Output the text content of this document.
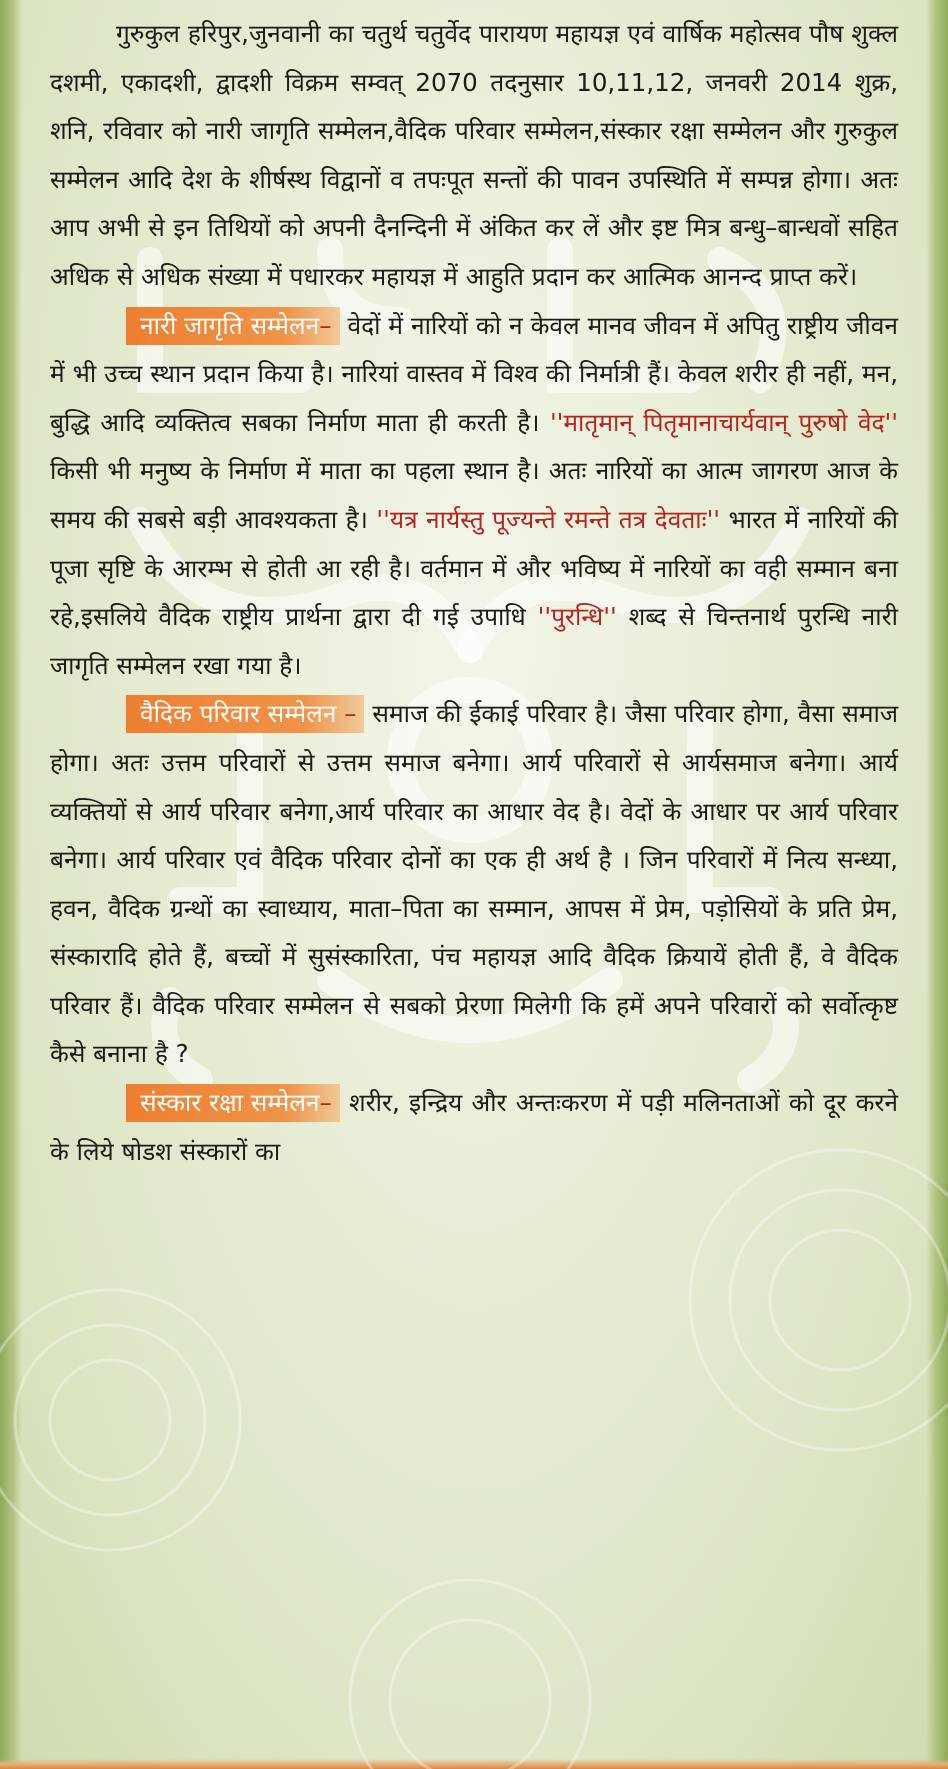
गुरुकुल हरिपुर,जुनवानी का चतुर्थ चतुर्वेद पारायण महायज्ञ एवं वार्षिक महोत्सव पौष शुक्ल दशमी, एकादशी, द्वादशी विक्रम सम्वत् 2070 तदनुसार 10,11,12, जनवरी 2014 शुक्र, शनि, रविवार को नारी जागृति सम्मेलन,वैदिक परिवार सम्मेलन,संस्कार रक्षा सम्मेलन और गुरुकुल सम्मेलन आदि देश के शीर्षस्थ विद्वानों व तपःपूत सन्तों की पावन उपस्थिति में सम्पन्न होगा। अतः आप अभी से इन तिथियों को अपनी दैनन्दिनी में अंकित कर लें और इष्ट मित्र बन्धु–बान्धवों सहित अधिक से अधिक संख्या में पधारकर महायज्ञ में आहुति प्रदान कर आत्मिक आनन्द प्राप्त करें।

नारी जागृति सम्मेलन– वेदों में नारियों को न केवल मानव जीवन में अपितु राष्ट्रीय जीवन में भी उच्च स्थान प्रदान किया है। नारियां वास्तव में विश्व की निर्मात्री हैं। केवल शरीर ही नहीं, मन, बुद्धि आदि व्यक्तित्व सबका निर्माण माता ही करती है। ''मातृमान् पितृमानाचार्यवान् पुरुषो वेद'' किसी भी मनुष्य के निर्माण में माता का पहला स्थान है। अतः नारियों का आत्म जागरण आज के समय की सबसे बड़ी आवश्यकता है। ''यत्र नार्यस्तु पूज्यन्ते रमन्ते तत्र देवताः'' भारत में नारियों की पूजा सृष्टि के आरम्भ से होती आ रही है। वर्तमान में और भविष्य में नारियों का वही सम्मान बना रहे,इसलिये वैदिक राष्ट्रीय प्रार्थना द्वारा दी गई उपाधि ''पुरन्धि'' शब्द से चिन्तनार्थ पुरन्धि नारी जागृति सम्मेलन रखा गया है।

वैदिक परिवार सम्मेलन – समाज की ईकाई परिवार है। जैसा परिवार होगा, वैसा समाज होगा। अतः उत्तम परिवारों से उत्तम समाज बनेगा। आर्य परिवारों से आर्यसमाज बनेगा। आर्य व्यक्तियों से आर्य परिवार बनेगा,आर्य परिवार का आधार वेद है। वेदों के आधार पर आर्य परिवार बनेगा। आर्य परिवार एवं वैदिक परिवार दोनों का एक ही अर्थ है । जिन परिवारों में नित्य सन्ध्या, हवन, वैदिक ग्रन्थों का स्वाध्याय, माता–पिता का सम्मान, आपस में प्रेम, पड़ोसियों के प्रति प्रेम, संस्कारादि होते हैं, बच्चों में सुसंस्कारिता, पंच महायज्ञ आदि वैदिक क्रियायें होती हैं, वे वैदिक परिवार हैं। वैदिक परिवार सम्मेलन से सबको प्रेरणा मिलेगी कि हमें अपने परिवारों को सर्वोत्कृष्ट कैसे बनाना है ?

संस्कार रक्षा सम्मेलन– शरीर, इन्द्रिय और अन्तःकरण में पड़ी मलिनताओं को दूर करने के लिये षोडश संस्कारों का
